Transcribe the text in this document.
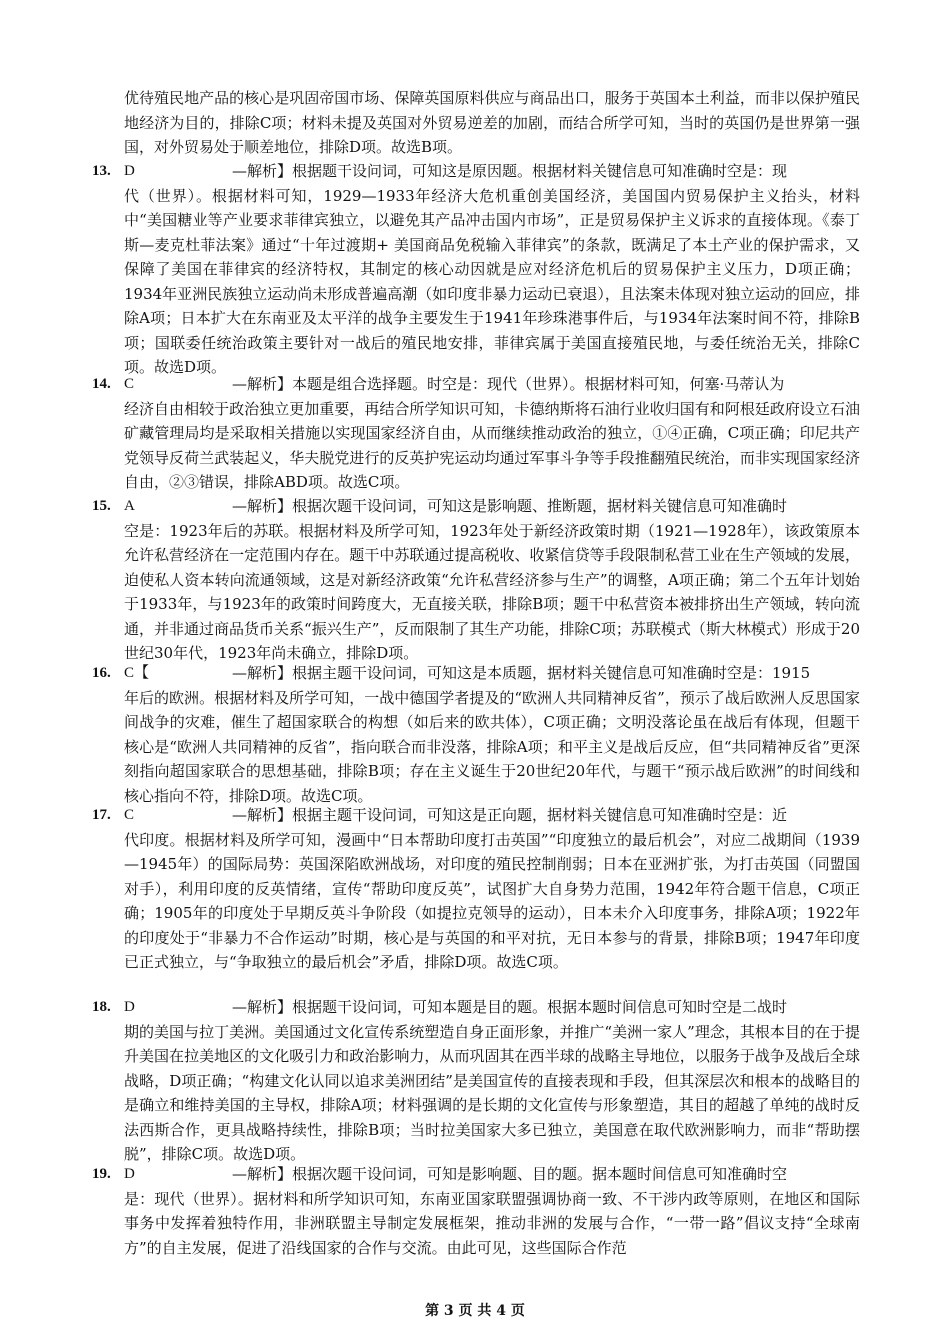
优待殖民地产品的核心是巩固帝国市场、保障英国原料供应与商品出口，服务于英国本土利益，而非以保护殖民地经济为目的，排除C项；材料未提及英国对外贸易逆差的加剧，而结合所学可知，当时的英国仍是世界第一强国，对外贸易处于顺差地位，排除D项。故选B项。
13. D	—解析】根据题干设问词，可知这是原因题。根据材料关键信息可知准确时空是：现
代（世界）。根据材料可知，1929—1933年经济大危机重创美国经济，美国国内贸易保护主义抬头，材料中“美国糖业等产业要求菲律宾独立，以避免其产品冲击国内市场”，正是贸易保护主义诉求的直接体现。《泰丁斯—麦克杜菲法案》通过“十年过渡期+ 美国商品免税输入菲律宾”的条款，既满足了本土产业的保护需求，又保障了美国在菲律宾的经济特权，其制定的核心动因就是应对经济危机后的贸易保护主义压力，D项正确；1934年亚洲民族独立运动尚未形成普遍高潮（如印度非暴力运动已衰退），且法案未体现对独立运动的回应，排除A项；日本扩大在东南亚及太平洋的战争主要发生于1941年珍珠港事件后，与1934年法案时间不符，排除B项；国联委任统治政策主要针对一战后的殖民地安排，菲律宾属于美国直接殖民地，与委任统治无关，排除C项。故选D项。
14. C	—解析】本题是组合选择题。时空是：现代（世界）。根据材料可知，何塞·马蒂认为
经济自由相较于政治独立更加重要，再结合所学知识可知，卡德纳斯将石油行业收归国有和阿根廷政府设立石油矿藏管理局均是采取相关措施以实现国家经济自由，从而继续推动政治的独立，①④正确，C项正确；印尼共产党领导反荷兰武装起义，华夫脱党进行的反英护宪运动均通过军事斗争等手段推翻殖民统治，而非实现国家经济自由，②③错误，排除ABD项。故选C项。
15. A	—解析】根据次题干设问词，可知这是影响题、推断题，据材料关键信息可知准确时
空是：1923年后的苏联。根据材料及所学可知，1923年处于新经济政策时期（1921—1928年），该政策原本允许私营经济在一定范围内存在。题干中苏联通过提高税收、收紧信贷等手段限制私营工业在生产领域的发展，迫使私人资本转向流通领域，这是对新经济政策“允许私营经济参与生产”的调整，A项正确；第二个五年计划始于1933年，与1923年的政策时间跨度大，无直接关联，排除B项；题干中私营资本被排挤出生产领域，转向流通，并非通过商品货币关系“振兴生产”，反而限制了其生产功能，排除C项；苏联模式（斯大林模式）形成于20世纪30年代，1923年尚未确立，排除D项。
16. C【	—解析】根据主题干设问词，可知这是本质题，据材料关键信息可知准确时空是：1915
年后的欧洲。根据材料及所学可知，一战中德国学者提及的“欧洲人共同精神反省”，预示了战后欧洲人反思国家间战争的灾难，催生了超国家联合的构想（如后来的欧共体），C项正确；文明没落论虽在战后有体现，但题干核心是“欧洲人共同精神的反省”，指向联合而非没落，排除A项；和平主义是战后反应，但“共同精神反省”更深刻指向超国家联合的思想基础，排除B项；存在主义诞生于20世纪20年代，与题干“预示战后欧洲”的时间线和核心指向不符，排除D项。故选C项。
17. C	—解析】根据主题干设问词，可知这是正向题，据材料关键信息可知准确时空是：近
代印度。根据材料及所学可知，漫画中“日本帮助印度打击英国”“印度独立的最后机会”，对应二战期间（1939—1945年）的国际局势：英国深陷欧洲战场，对印度的殖民控制削弱；日本在亚洲扩张，为打击英国（同盟国对手），利用印度的反英情绪，宣传“帮助印度反英”，试图扩大自身势力范围，1942年符合题干信息，C项正确；1905年的印度处于早期反英斗争阶段（如提拉克领导的运动），日本未介入印度事务，排除A项；1922年的印度处于“非暴力不合作运动”时期，核心是与英国的和平对抗，无日本参与的背景，排除B项；1947年印度已正式独立，与“争取独立的最后机会”矛盾，排除D项。故选C项。
18. D	—解析】根据题干设问词，可知本题是目的题。根据本题时间信息可知时空是二战时
期的美国与拉丁美洲。美国通过文化宣传系统塑造自身正面形象，并推广“美洲一家人”理念，其根本目的在于提升美国在拉美地区的文化吸引力和政治影响力，从而巩固其在西半球的战略主导地位，以服务于战争及战后全球战略，D项正确；“构建文化认同以追求美洲团结”是美国宣传的直接表现和手段，但其深层次和根本的战略目的是确立和维持美国的主导权，排除A项；材料强调的是长期的文化宣传与形象塑造，其目的超越了单纯的战时反法西斯合作，更具战略持续性，排除B项；当时拉美国家大多已独立，美国意在取代欧洲影响力，而非“帮助摆脱”，排除C项。故选D项。
19. D	—解析】根据次题干设问词，可知是影响题、目的题。据本题时间信息可知准确时空
是：现代（世界）。据材料和所学知识可知，东南亚国家联盟强调协商一致、不干涉内政等原则，在地区和国际事务中发挥着独特作用，非洲联盟主导制定发展框架，推动非洲的发展与合作，“一带一路”倡议支持“全球南方”的自主发展，促进了沿线国家的合作与交流。由此可见，这些国际合作范
第 3 页 共 4 页
